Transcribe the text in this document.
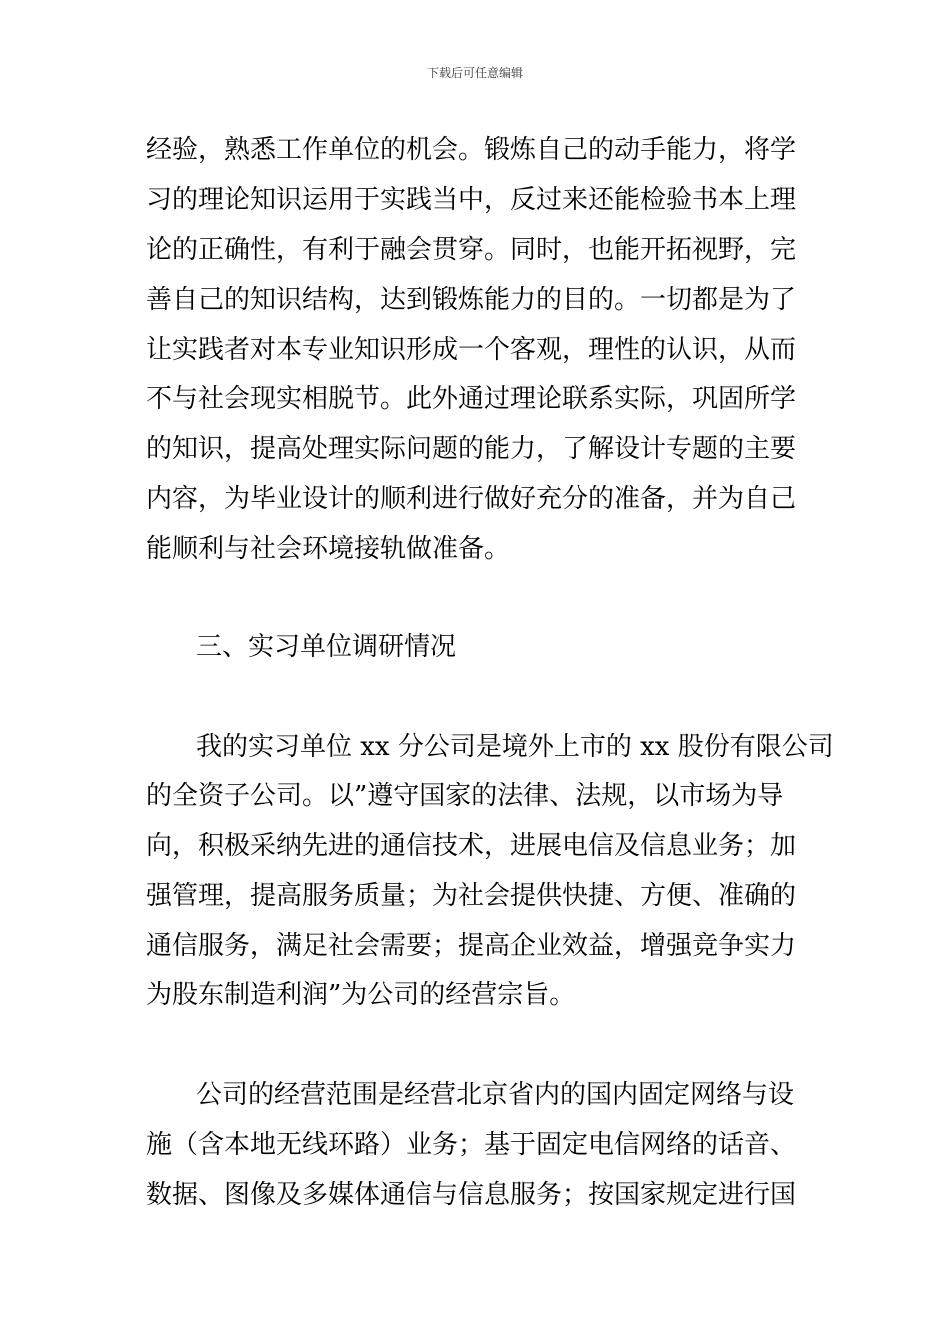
下载后可任意编辑
经验，熟悉工作单位的机会。锻炼自己的动手能力，将学
习的理论知识运用于实践当中，反过来还能检验书本上理
论的正确性，有利于融会贯穿。同时，也能开拓视野，完
善自己的知识结构，达到锻炼能力的目的。一切都是为了
让实践者对本专业知识形成一个客观，理性的认识，从而
不与社会现实相脱节。此外通过理论联系实际，巩固所学
的知识，提高处理实际问题的能力，了解设计专题的主要
内容，为毕业设计的顺利进行做好充分的准备，并为自己
能顺利与社会环境接轨做准备。
三、实习单位调研情况
我的实习单位 xx 分公司是境外上市的 xx 股份有限公司
的全资子公司。以”遵守国家的法律、法规，以市场为导
向，积极采纳先进的通信技术，进展电信及信息业务；加
强管理，提高服务质量；为社会提供快捷、方便、准确的
通信服务，满足社会需要；提高企业效益，增强竞争实力
为股东制造利润”为公司的经营宗旨。
公司的经营范围是经营北京省内的国内固定网络与设
施（含本地无线环路）业务；基于固定电信网络的话音、
数据、图像及多媒体通信与信息服务；按国家规定进行国
